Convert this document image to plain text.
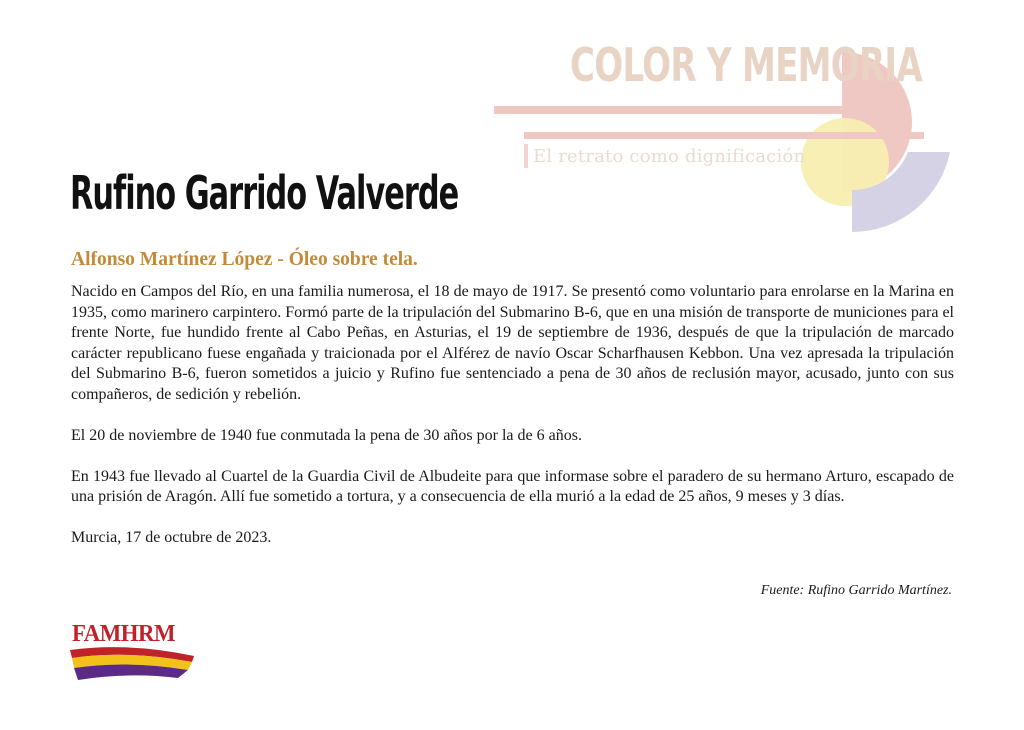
COLOR Y MEMORIA
El retrato como dignificación
Rufino Garrido Valverde
Alfonso Martínez López - Óleo sobre tela.

Nacido en Campos del Río, en una familia numerosa, el 18 de mayo de 1917. Se presentó como voluntario para enrolarse en la Marina en 1935, como marinero carpintero. Formó parte de la tripulación del Submarino B-6, que en una misión de transporte de municiones para el frente Norte, fue hundido frente al Cabo Peñas, en Asturias, el 19 de septiembre de 1936, después de que la tripulación de marcado carácter republicano fuese engañada y traicionada por el Alférez de navío Oscar Scharfhausen Kebbon. Una vez apresada la tripulación del Submarino B-6, fueron sometidos a juicio y Rufino fue sentenciado a pena de 30 años de reclusión mayor, acusado, junto con sus compañeros, de sedición y rebelión.

El 20 de noviembre de 1940 fue conmutada la pena de 30 años por la de 6 años.

En 1943 fue llevado al Cuartel de la Guardia Civil de Albudeite para que informase sobre el paradero de su hermano Arturo, escapado de una prisión de Aragón. Allí fue sometido a tortura, y a consecuencia de ella murió a la edad de 25 años, 9 meses y 3 días.

Murcia, 17 de octubre de 2023.

Fuente: Rufino Garrido Martínez.
FAMHRM
